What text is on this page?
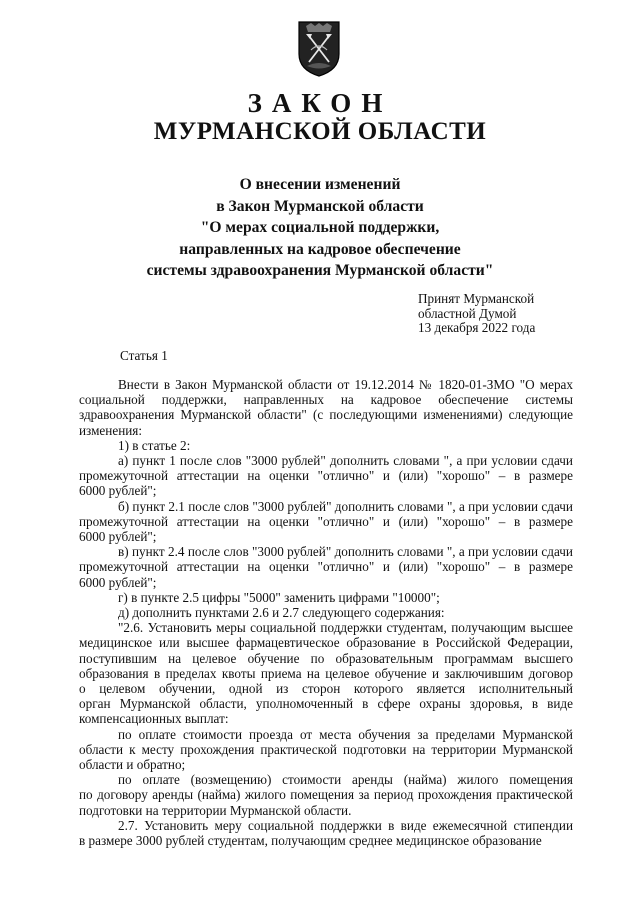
ЗАКОН
МУРМАНСКОЙ ОБЛАСТИ
О внесении изменений
в Закон Мурманской области
"О мерах социальной поддержки,
направленных на кадровое обеспечение
системы здравоохранения Мурманской области"
Принят Мурманской
областной Думой
13 декабря 2022 года
Статья 1
Внести в Закон Мурманской области от 19.12.2014 № 1820-01-ЗМО "О мерах
социальной поддержки, направленных на кадровое обеспечение системы
здравоохранения Мурманской области" (с последующими изменениями) следующие
изменения:
1) в статье 2:
а) пункт 1 после слов "3000 рублей" дополнить словами ", а при условии сдачи
промежуточной аттестации на оценки "отлично" и (или) "хорошо" – в размере
6000 рублей";
б) пункт 2.1 после слов "3000 рублей" дополнить словами ", а при условии сдачи
промежуточной аттестации на оценки "отлично" и (или) "хорошо" – в размере
6000 рублей";
в) пункт 2.4 после слов "3000 рублей" дополнить словами ", а при условии сдачи
промежуточной аттестации на оценки "отлично" и (или) "хорошо" – в размере
6000 рублей";
г) в пункте 2.5 цифры "5000" заменить цифрами "10000";
д) дополнить пунктами 2.6 и 2.7 следующего содержания:
"2.6. Установить меры социальной поддержки студентам, получающим высшее
медицинское или высшее фармацевтическое образование в Российской Федерации,
поступившим на целевое обучение по образовательным программам высшего
образования в пределах квоты приема на целевое обучение и заключившим договор
о целевом обучении, одной из сторон которого является исполнительный
орган Мурманской области, уполномоченный в сфере охраны здоровья, в виде
компенсационных выплат:
по оплате стоимости проезда от места обучения за пределами Мурманской
области к месту прохождения практической подготовки на территории Мурманской
области и обратно;
по оплате (возмещению) стоимости аренды (найма) жилого помещения
по договору аренды (найма) жилого помещения за период прохождения практической
подготовки на территории Мурманской области.
2.7. Установить меру социальной поддержки в виде ежемесячной стипендии
в размере 3000 рублей студентам, получающим среднее медицинское образование
